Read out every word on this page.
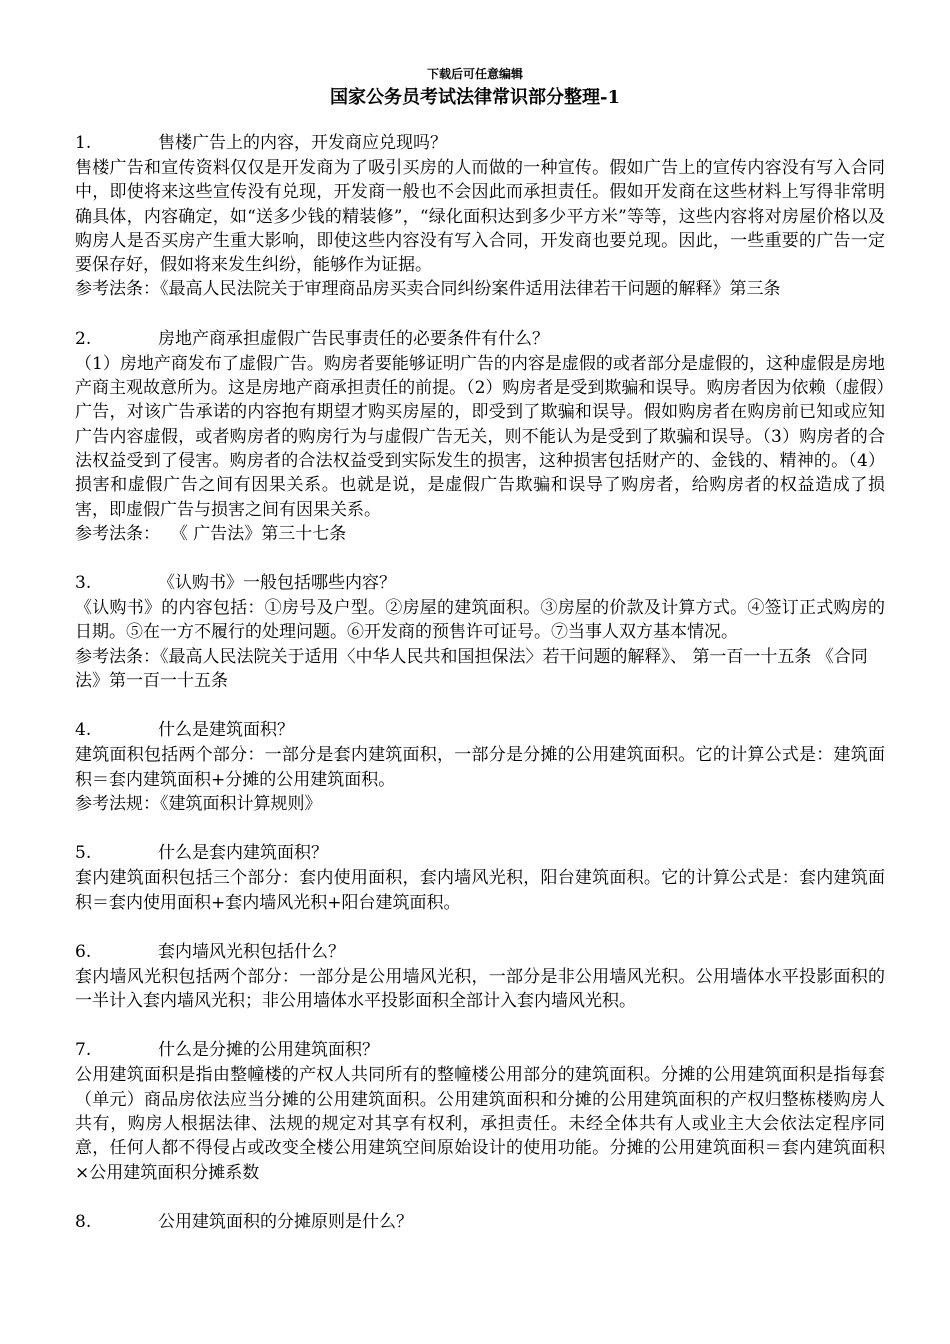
下载后可任意编辑
国家公务员考试法律常识部分整理-1
1.	售楼广告上的内容，开发商应兑现吗？

售楼广告和宣传资料仅仅是开发商为了吸引买房的人而做的一种宣传。假如广告上的宣传内容没有写入合同中，即使将来这些宣传没有兑现，开发商一般也不会因此而承担责任。假如开发商在这些材料上写得非常明确具体，内容确定，如“送多少钱的精装修”，“绿化面积达到多少平方米”等等，这些内容将对房屋价格以及购房人是否买房产生重大影响，即使这些内容没有写入合同，开发商也要兑现。因此，一些重要的广告一定要保存好，假如将来发生纠纷，能够作为证据。

参考法条：《最高人民法院关于审理商品房买卖合同纠纷案件适用法律若干问题的解释》第三条

2.	房地产商承担虚假广告民事责任的必要条件有什么？

（1）房地产商发布了虚假广告。购房者要能够证明广告的内容是虚假的或者部分是虚假的，这种虚假是房地产商主观故意所为。这是房地产商承担责任的前提。（2）购房者是受到欺骗和误导。购房者因为依赖（虚假）广告，对该广告承诺的内容抱有期望才购买房屋的，即受到了欺骗和误导。假如购房者在购房前已知或应知广告内容虚假，或者购房者的购房行为与虚假广告无关，则不能认为是受到了欺骗和误导。（3）购房者的合法权益受到了侵害。购房者的合法权益受到实际发生的损害，这种损害包括财产的、金钱的、精神的。（4）损害和虚假广告之间有因果关系。也就是说，是虚假广告欺骗和误导了购房者，给购房者的权益造成了损害，即虚假广告与损害之间有因果关系。

参考法条：  《 广告法》第三十七条

3.	《认购书》一般包括哪些内容？

《认购书》的内容包括：①房号及户型。②房屋的建筑面积。③房屋的价款及计算方式。④签订正式购房的日期。⑤在一方不履行的处理问题。⑥开发商的预售许可证号。⑦当事人双方基本情况。

参考法条：《最高人民法院关于适用〈中华人民共和国担保法〉若干问题的解释》、 第一百一十五条 《合同法》第一百一十五条

4.	什么是建筑面积？

建筑面积包括两个部分：一部分是套内建筑面积，一部分是分摊的公用建筑面积。它的计算公式是：建筑面积＝套内建筑面积+分摊的公用建筑面积。

参考法规：《建筑面积计算规则》

5.	什么是套内建筑面积？

套内建筑面积包括三个部分：套内使用面积，套内墙风光积，阳台建筑面积。它的计算公式是：套内建筑面积＝套内使用面积+套内墙风光积+阳台建筑面积。

6.	套内墙风光积包括什么？

套内墙风光积包括两个部分：一部分是公用墙风光积，一部分是非公用墙风光积。公用墙体水平投影面积的一半计入套内墙风光积；非公用墙体水平投影面积全部计入套内墙风光积。

7.	什么是分摊的公用建筑面积？

公用建筑面积是指由整幢楼的产权人共同所有的整幢楼公用部分的建筑面积。分摊的公用建筑面积是指每套（单元）商品房依法应当分摊的公用建筑面积。公用建筑面积和分摊的公用建筑面积的产权归整栋楼购房人共有，购房人根据法律、法规的规定对其享有权利，承担责任。未经全体共有人或业主大会依法定程序同意，任何人都不得侵占或改变全楼公用建筑空间原始设计的使用功能。分摊的公用建筑面积＝套内建筑面积×公用建筑面积分摊系数

8.	公用建筑面积的分摊原则是什么？
